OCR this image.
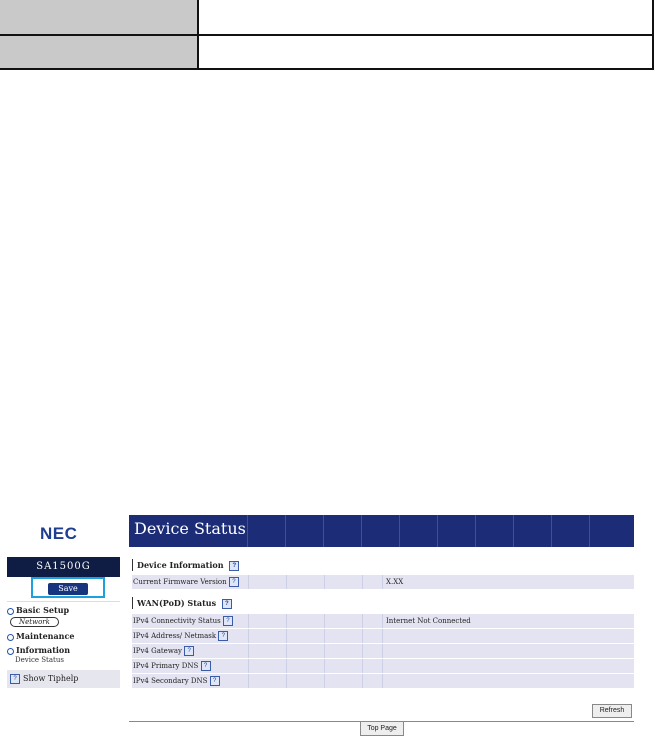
NEC
SA1500G
Save
Basic Setup
Network
Maintenance
Information
Device Status
? Show Tiphelp
Device Status
Device Information ?
Current Firmware Version ?	X.XX
WAN(PoD) Status ?
IPv4 Connectivity Status ?	Internet Not Connected
IPv4 Address/ Netmask ?
IPv4 Gateway ?
IPv4 Primary DNS ?
IPv4 Secondary DNS ?
Refresh
Top Page
